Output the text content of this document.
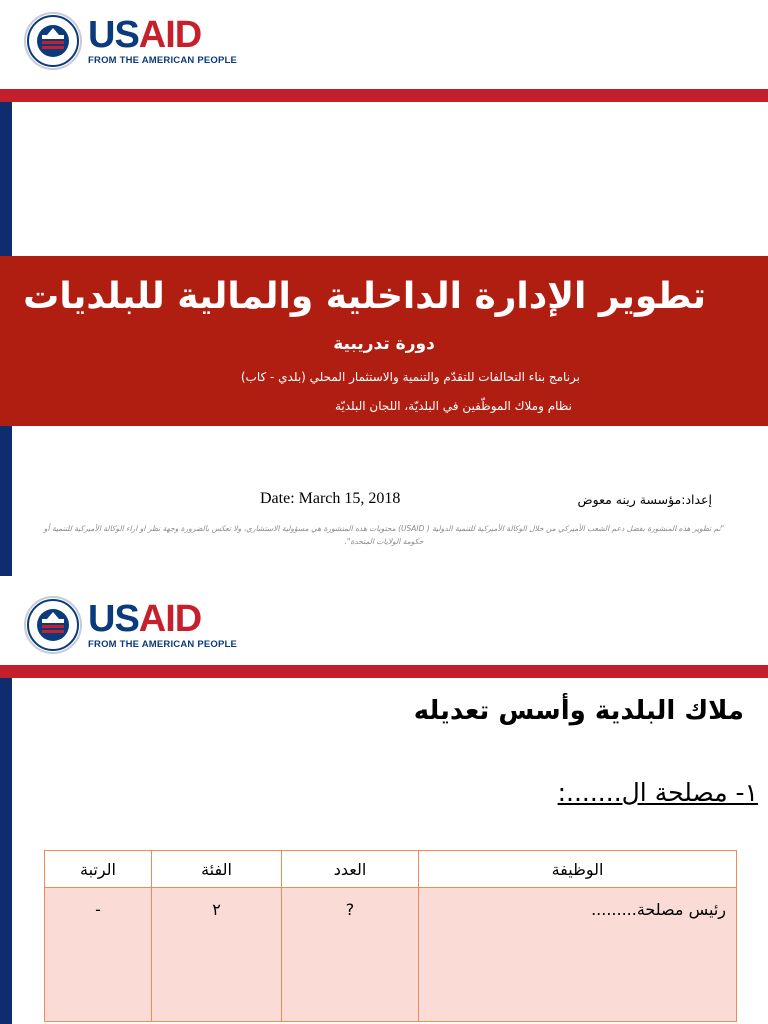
USAID
FROM THE AMERICAN PEOPLE
تطوير الإدارة الداخلية والمالية للبلديات
دورة تدريبية
برنامج بناء التحالفات للتقدّم والتنمية والاستثمار المحلي (بلدي - كاب)
نظام وملاك الموظّفين في البلديّة، اللجان البلديّة
Date: March 15, 2018	إعداد:مؤسسة رينه معوض
"تم تطوير هذه المنشورة بفضل دعم الشعب الأميركي من خلال الوكالة الأميركية للتنمية الدولية ( USAID) محتويات هذه المنشورة هي مسؤولية الاستشاري، ولا تعكس بالضرورة وجهة نظر او اراء الوكالة الأميركية للتنمية أو حكومة الولايات المتحدة".
USAID
FROM THE AMERICAN PEOPLE
ملاك البلدية وأسس تعديله
١- مصلحة ال.......:
الوظيفة	العدد	الفئة	الرتبة
رئيس مصلحة.........	?	٢	-
